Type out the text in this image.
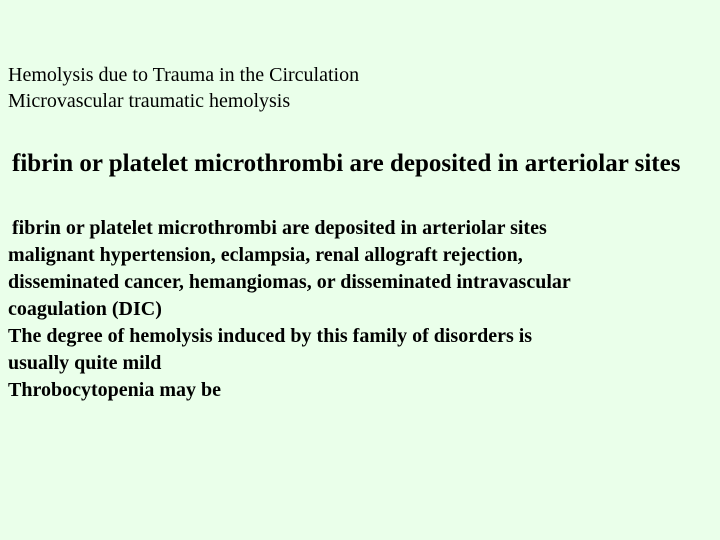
Hemolysis due to Trauma in the Circulation
Microvascular traumatic hemolysis
fibrin or platelet microthrombi are deposited in arteriolar sites
fibrin or platelet microthrombi are deposited in arteriolar sites
malignant hypertension, eclampsia, renal allograft rejection,
disseminated cancer, hemangiomas, or disseminated intravascular
coagulation (DIC)
The degree of hemolysis induced by this family of disorders is
usually quite mild
Throbocytopenia may be
